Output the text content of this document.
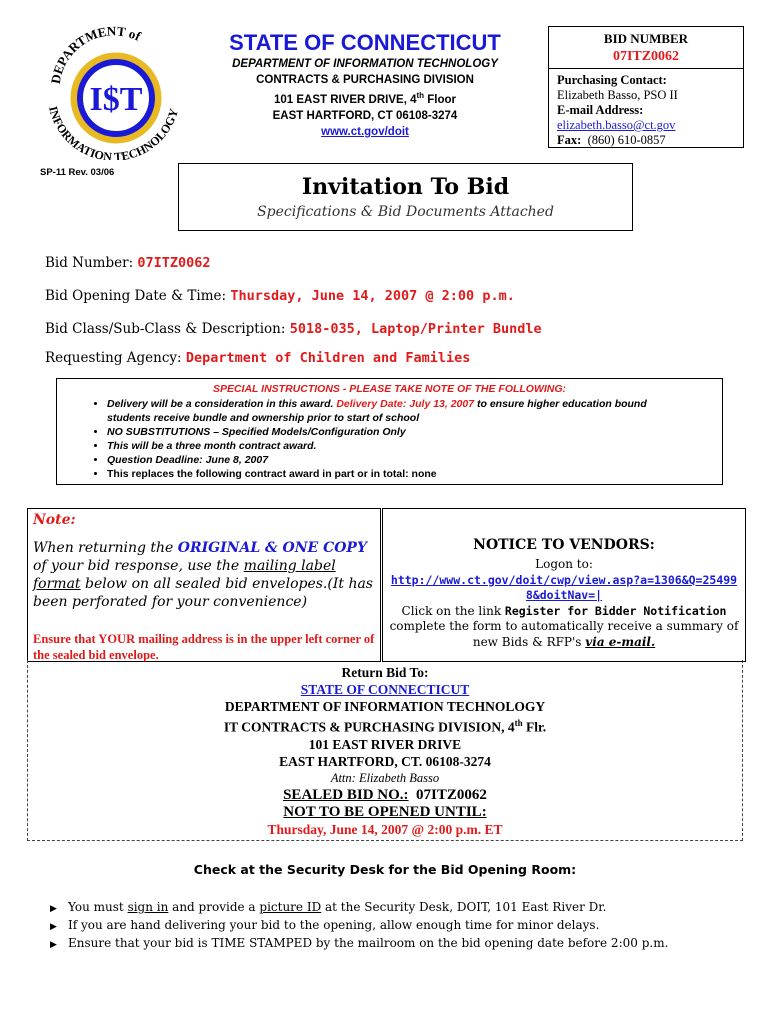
DEPARTMENT of
INFORMATION TECHNOLOGY
I$T
STATE OF CONNECTICUT
DEPARTMENT OF INFORMATION TECHNOLOGY
CONTRACTS & PURCHASING DIVISION
101 EAST RIVER DRIVE, 4th Floor
EAST HARTFORD, CT 06108-3274
www.ct.gov/doit
BID NUMBER
07ITZ0062
Purchasing Contact:
Elizabeth Basso, PSO II
E-mail Address:
elizabeth.basso@ct.gov
Fax: (860) 610-0857
SP-11 Rev. 03/06
Invitation To Bid
Specifications & Bid Documents Attached
Bid Number: 07ITZ0062
Bid Opening Date & Time: Thursday, June 14, 2007 @ 2:00 p.m.
Bid Class/Sub-Class & Description: 5018-035, Laptop/Printer Bundle
Requesting Agency: Department of Children and Families
SPECIAL INSTRUCTIONS - PLEASE TAKE NOTE OF THE FOLLOWING:
• Delivery will be a consideration in this award. Delivery Date: July 13, 2007 to ensure higher education bound students receive bundle and ownership prior to start of school
• NO SUBSTITUTIONS – Specified Models/Configuration Only
• This will be a three month contract award.
• Question Deadline: June 8, 2007
• This replaces the following contract award in part or in total: none
Note:
When returning the ORIGINAL & ONE COPY of your bid response, use the mailing label format below on all sealed bid envelopes.(It has been perforated for your convenience)
Ensure that YOUR mailing address is in the upper left corner of the sealed bid envelope.
NOTICE TO VENDORS:
Logon to:
http://www.ct.gov/doit/cwp/view.asp?a=1306&Q=254998&doitNav=|
Click on the link Register for Bidder Notification complete the form to automatically receive a summary of new Bids & RFP's via e-mail.
Return Bid To:
STATE OF CONNECTICUT
DEPARTMENT OF INFORMATION TECHNOLOGY
IT CONTRACTS & PURCHASING DIVISION, 4th Flr.
101 EAST RIVER DRIVE
EAST HARTFORD, CT. 06108-3274
Attn: Elizabeth Basso
SEALED BID NO.: 07ITZ0062
NOT TO BE OPENED UNTIL:
Thursday, June 14, 2007 @ 2:00 p.m. ET
Check at the Security Desk for the Bid Opening Room:
▶ You must sign in and provide a picture ID at the Security Desk, DOIT, 101 East River Dr.
▶ If you are hand delivering your bid to the opening, allow enough time for minor delays.
▶ Ensure that your bid is TIME STAMPED by the mailroom on the bid opening date before 2:00 p.m.
